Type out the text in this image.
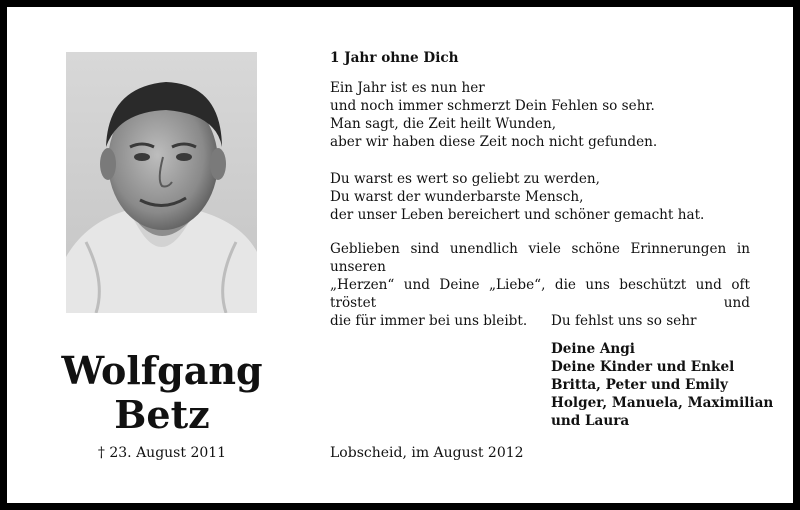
Wolfgang
Betz
† 23. August 2011
1 Jahr ohne Dich
Ein Jahr ist es nun her
und noch immer schmerzt Dein Fehlen so sehr.
Man sagt, die Zeit heilt Wunden,
aber wir haben diese Zeit noch nicht gefunden.
Du warst es wert so geliebt zu werden,
Du warst der wunderbarste Mensch,
der unser Leben bereichert und schöner gemacht hat.
Geblieben sind unendlich viele schöne Erinnerungen in unseren
„Herzen“ und Deine „Liebe“, die uns beschützt und oft tröstet und
die für immer bei uns bleibt.	Du fehlst uns so sehr
Deine Angi
Deine Kinder und Enkel
Britta, Peter und Emily
Holger, Manuela, Maximilian
und Laura
Lobscheid, im August 2012
